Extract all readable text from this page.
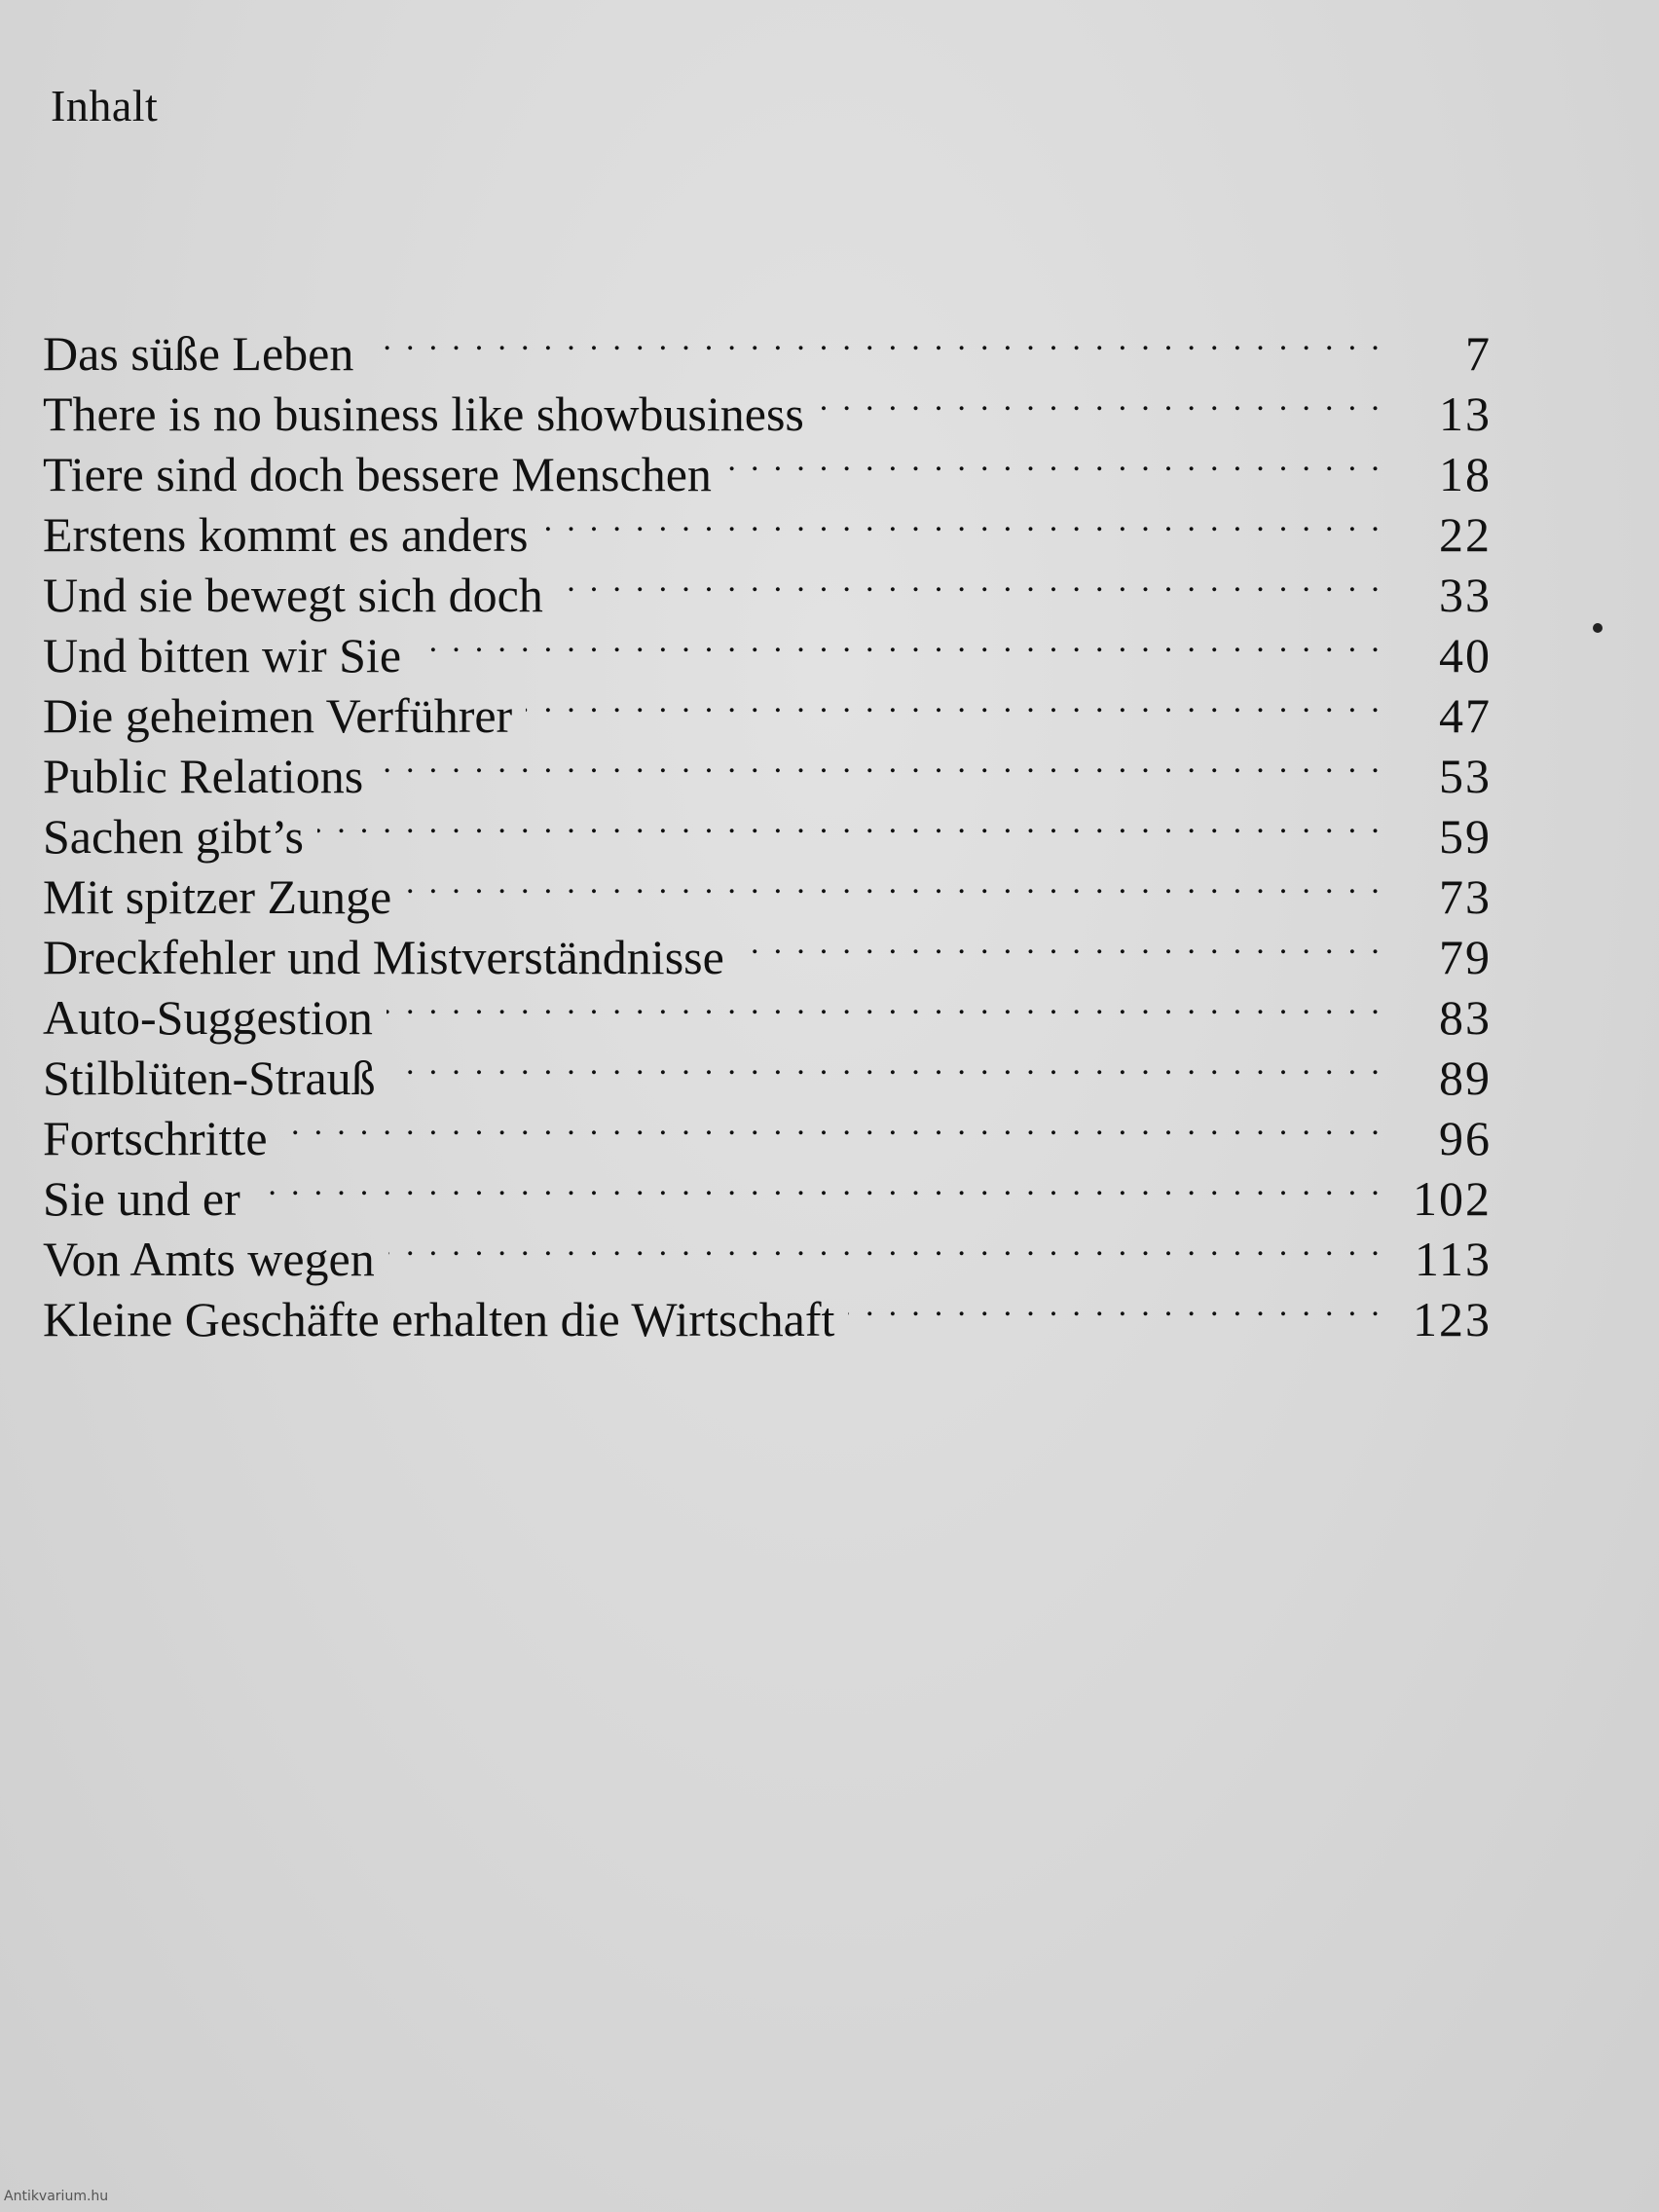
Inhalt
Das süße Leben . . .	7
There is no business like showbusiness . . .	13
Tiere sind doch bessere Menschen . . .	18
Erstens kommt es anders . . .	22
Und sie bewegt sich doch . . .	33
Und bitten wir Sie . . .	40
Die geheimen Verführer . . .	47
Public Relations . . .	53
Sachen gibt’s . . .	59
Mit spitzer Zunge . . .	73
Dreckfehler und Mistverständnisse . . .	79
Auto-Suggestion . . .	83
Stilblüten-Strauß . . .	89
Fortschritte . . .	96
Sie und er . . .	102
Von Amts wegen . . .	113
Kleine Geschäfte erhalten die Wirtschaft . . .	123
Antikvarium.hu
